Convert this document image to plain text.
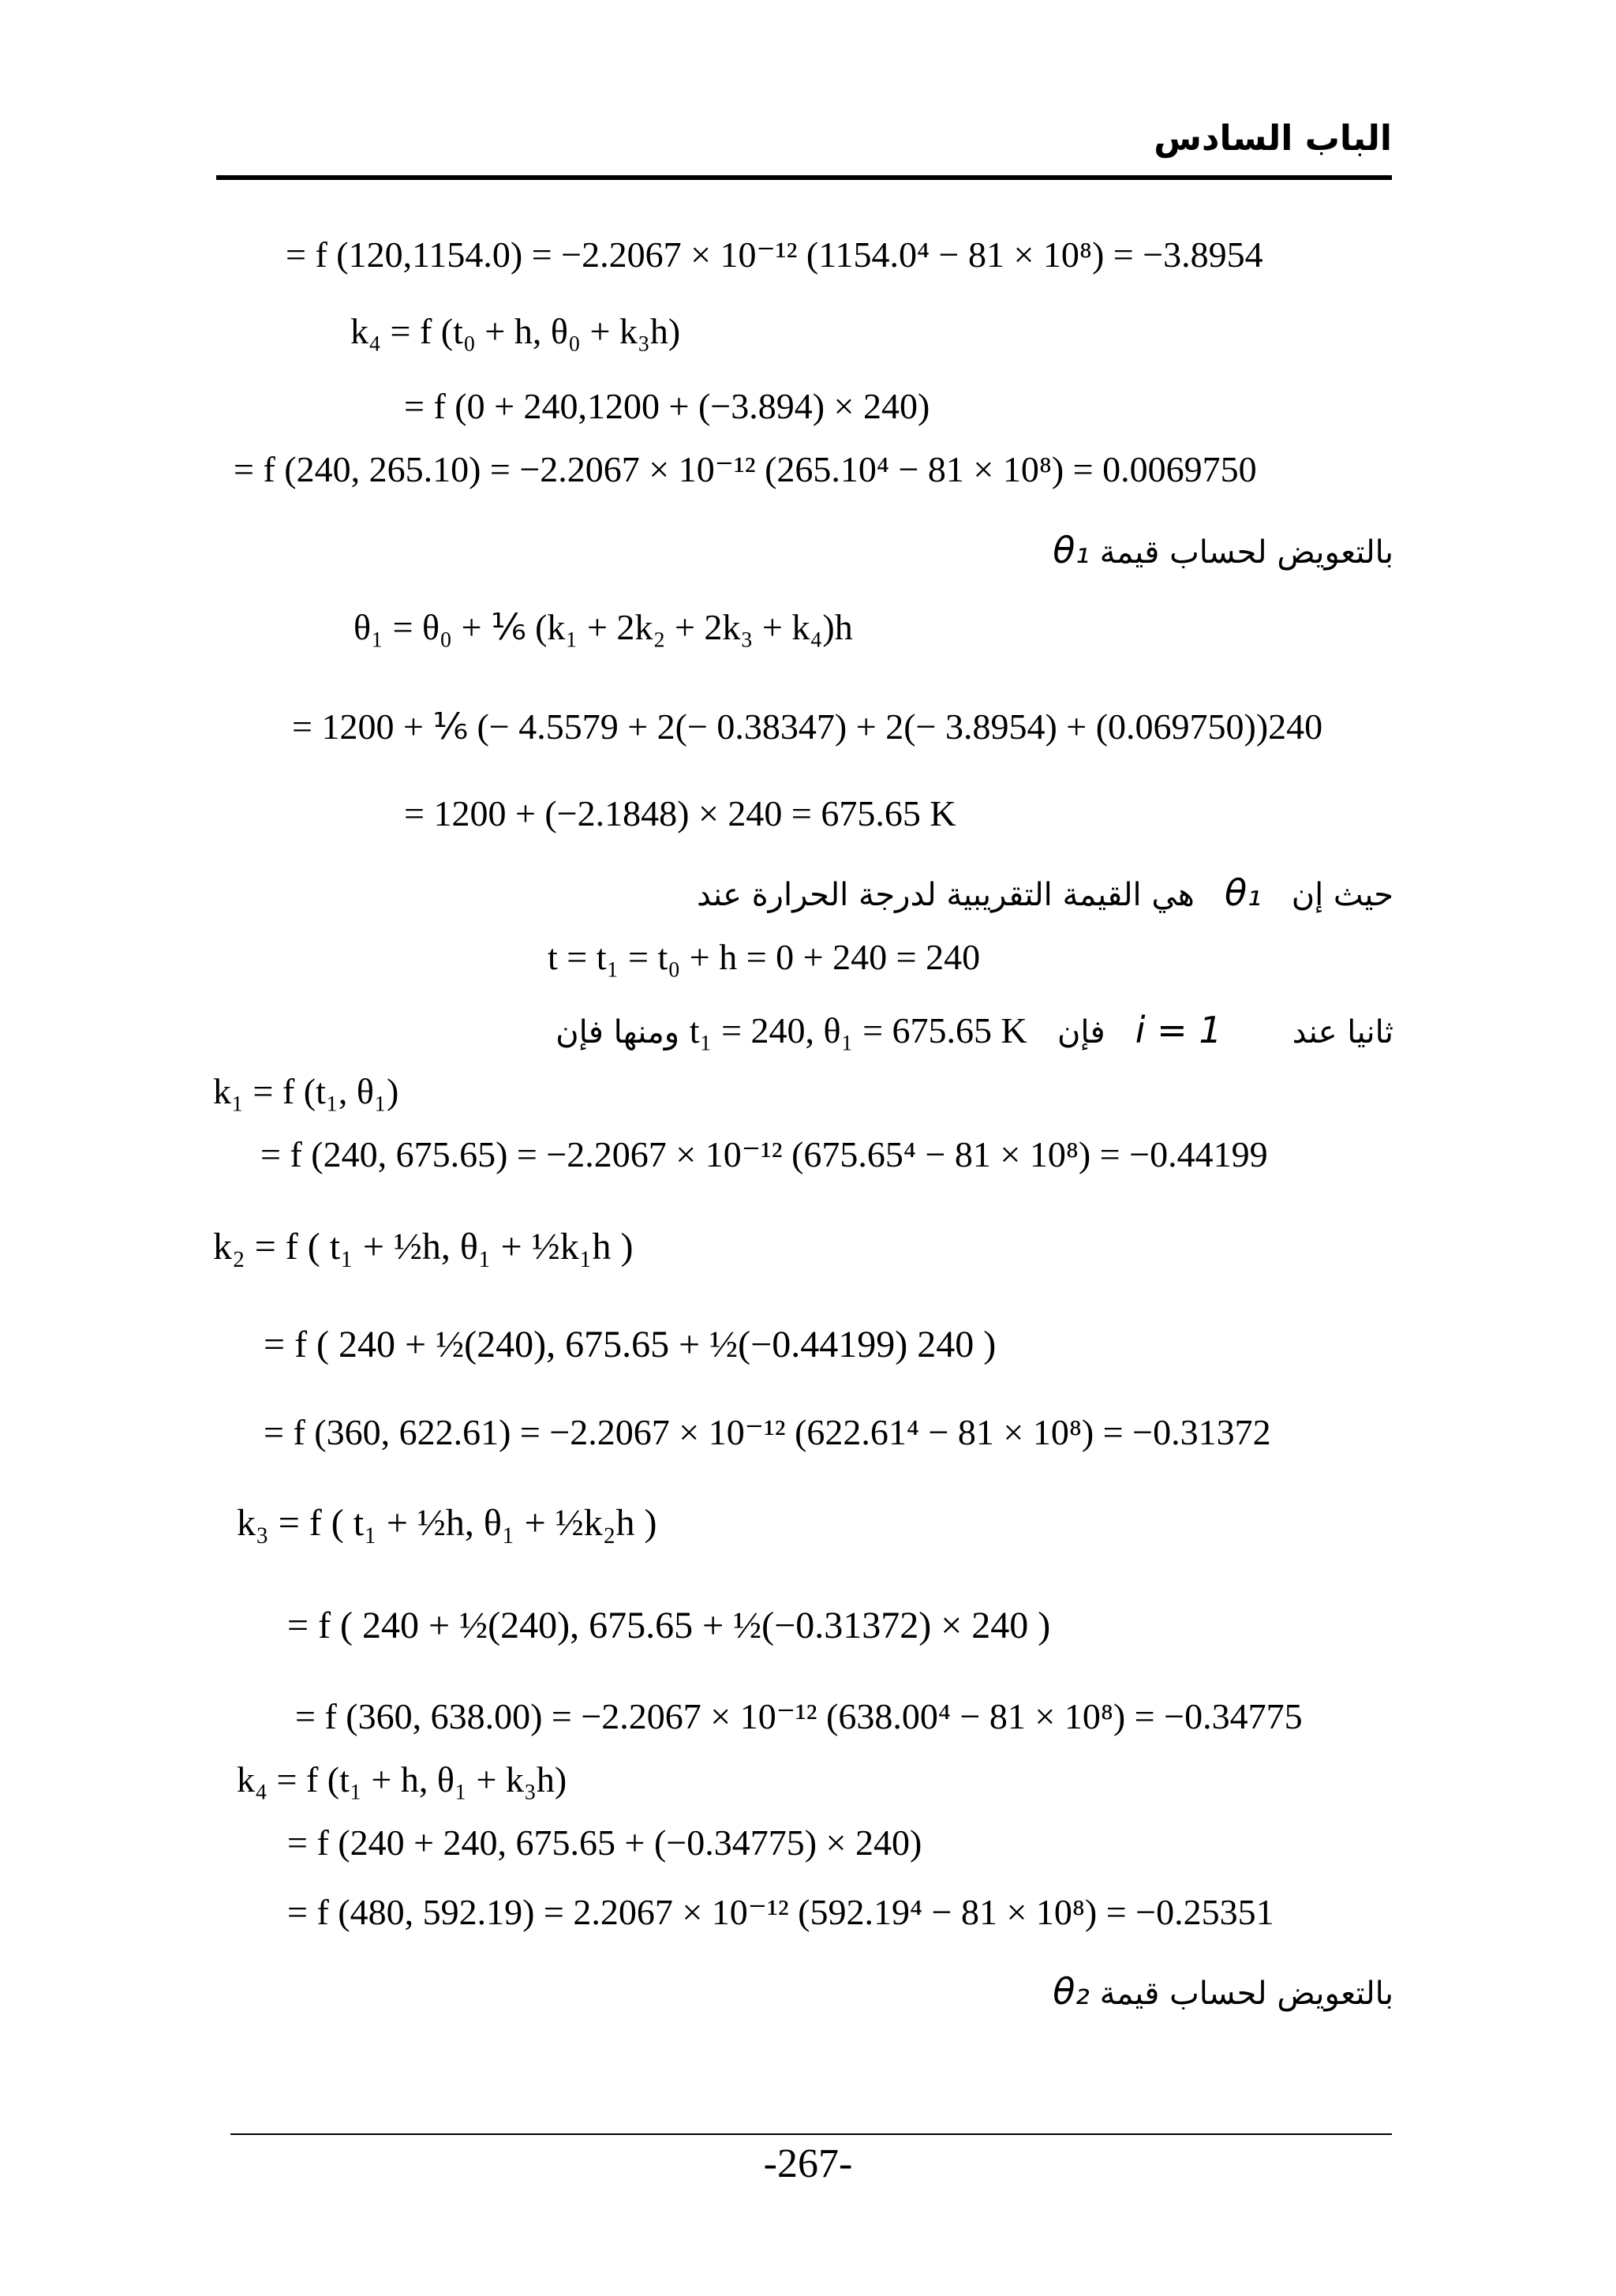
الباب السادس
= f (120,1154.0) = −2.2067 × 10⁻¹² (1154.0⁴ − 81 × 10⁸) = −3.8954
k₄ = f (t₀ + h, θ₀ + k₃h)
= f (0 + 240,1200 + (−3.894) × 240)
= f (240, 265.10) = −2.2067 × 10⁻¹² (265.10⁴ − 81 × 10⁸) = 0.0069750
بالتعويض لحساب قيمة θ₁
θ₁ = θ₀ + ⅙ (k₁ + 2k₂ + 2k₃ + k₄)h
= 1200 + ⅙ (− 4.5579 + 2(− 0.38347) + 2(− 3.8954) + (0.069750))240
= 1200 + (−2.1848) × 240 = 675.65 K
حيث إن   θ₁   هي القيمة التقريبية لدرجة الحرارة عند
t = t₁ = t₀ + h = 0 + 240 = 240
ثانيا عند       i = 1   فإن   t₁ = 240, θ₁ = 675.65 K ومنها فإن
k₁ = f (t₁, θ₁)
= f (240, 675.65) = −2.2067 × 10⁻¹² (675.65⁴ − 81 × 10⁸) = −0.44199
k₂ = f ( t₁ + ½h, θ₁ + ½k₁h )
= f ( 240 + ½(240), 675.65 + ½(−0.44199) 240 )
= f (360, 622.61) = −2.2067 × 10⁻¹² (622.61⁴ − 81 × 10⁸) = −0.31372
k₃ = f ( t₁ + ½h, θ₁ + ½k₂h )
= f ( 240 + ½(240), 675.65 + ½(−0.31372) × 240 )
= f (360, 638.00) = −2.2067 × 10⁻¹² (638.00⁴ − 81 × 10⁸) = −0.34775
k₄ = f (t₁ + h, θ₁ + k₃h)
= f (240 + 240, 675.65 + (−0.34775) × 240)
= f (480, 592.19) = 2.2067 × 10⁻¹² (592.19⁴ − 81 × 10⁸) = −0.25351
بالتعويض لحساب قيمة θ₂
-267-
